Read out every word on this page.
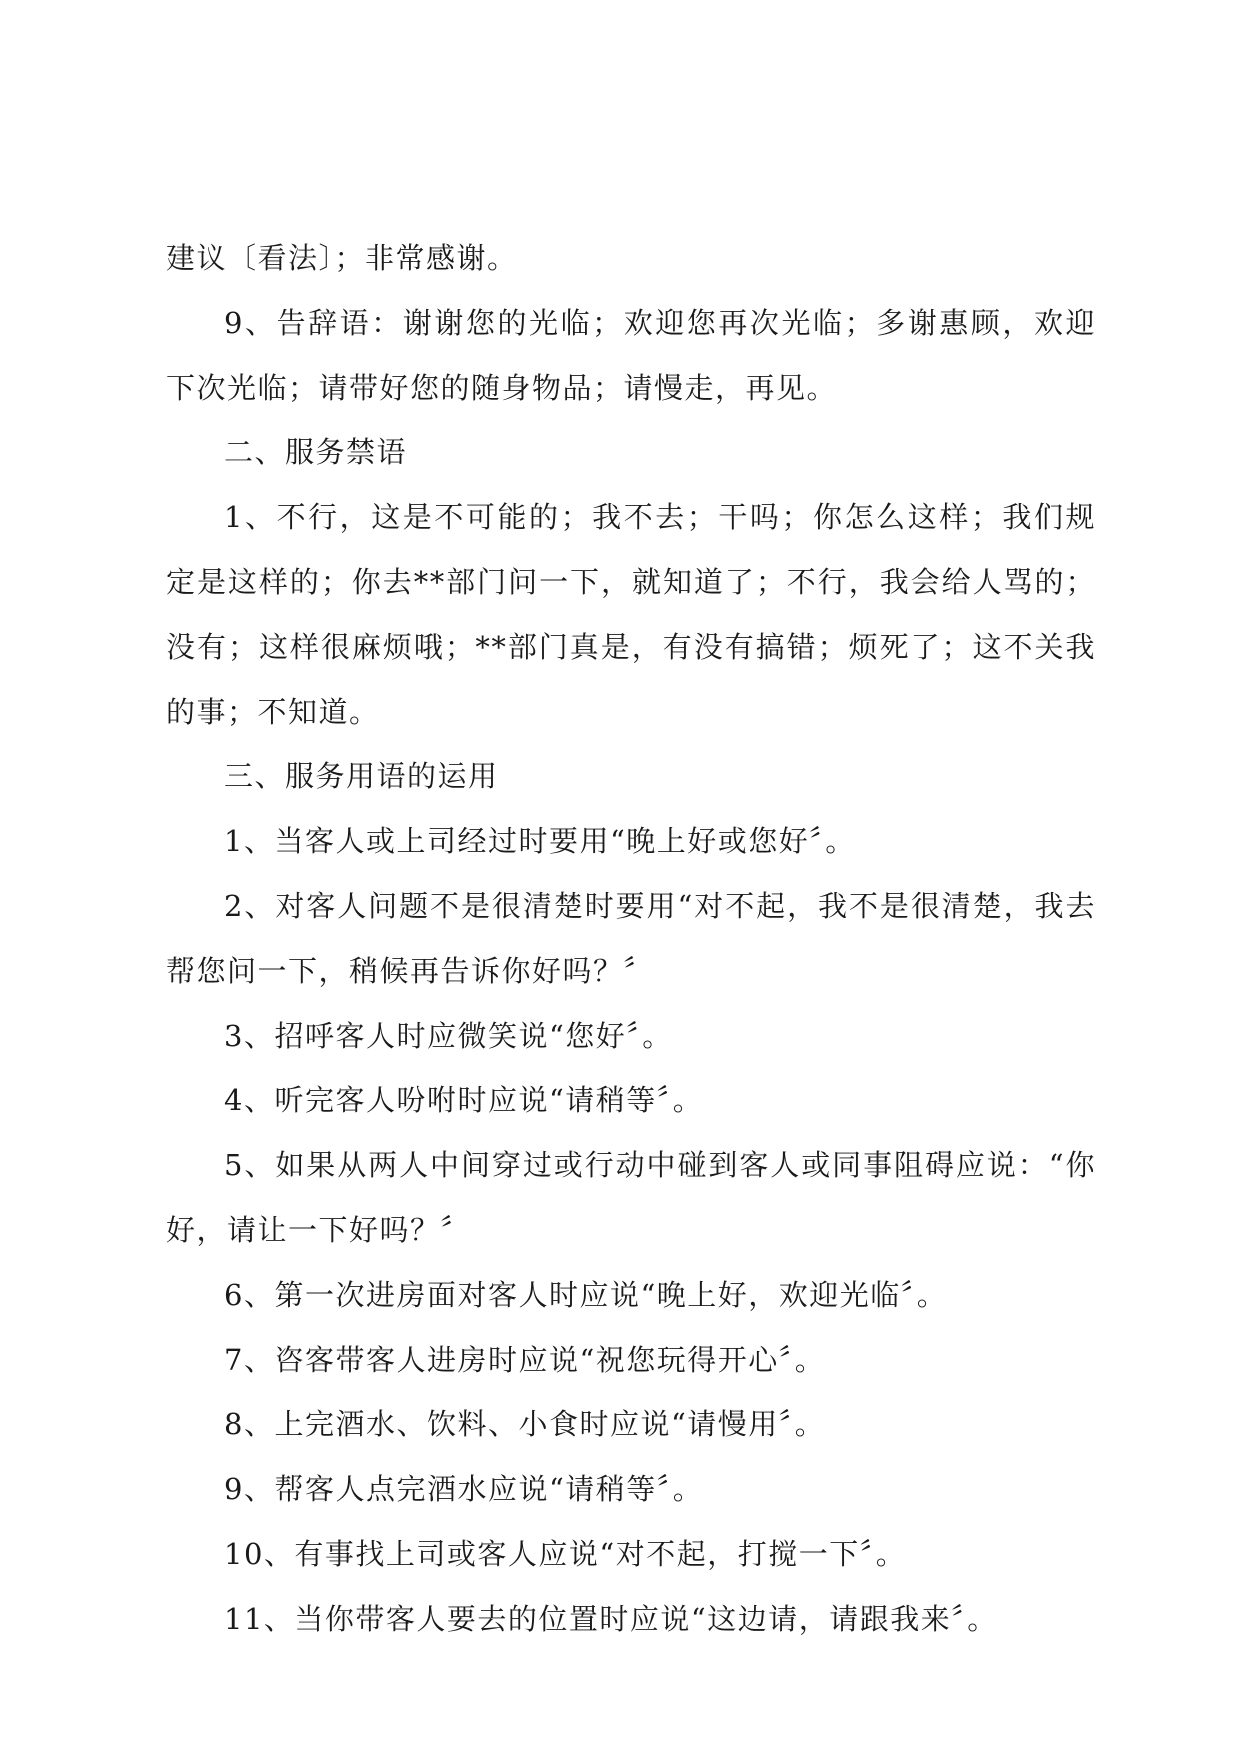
建议〔看法〕；非常感谢。

9、告辞语：谢谢您的光临；欢迎您再次光临；多谢惠顾，欢迎下次光临；请带好您的随身物品；请慢走，再见。

二、服务禁语

1、不行，这是不可能的；我不去；干吗；你怎么这样；我们规定是这样的；你去**部门问一下，就知道了；不行，我会给人骂的；没有；这样很麻烦哦；**部门真是，有没有搞错；烦死了；这不关我的事；不知道。

三、服务用语的运用

1、当客人或上司经过时要用“晚上好或您好〞。

2、对客人问题不是很清楚时要用“对不起，我不是很清楚，我去帮您问一下，稍候再告诉你好吗？〞

3、招呼客人时应微笑说“您好〞。

4、听完客人吩咐时应说“请稍等〞。

5、如果从两人中间穿过或行动中碰到客人或同事阻碍应说：“你好，请让一下好吗？〞

6、第一次进房面对客人时应说“晚上好，欢迎光临〞。

7、咨客带客人进房时应说“祝您玩得开心〞。

8、上完酒水、饮料、小食时应说“请慢用〞。

9、帮客人点完酒水应说“请稍等〞。

10、有事找上司或客人应说“对不起，打搅一下〞。

11、当你带客人要去的位置时应说“这边请，请跟我来〞。
